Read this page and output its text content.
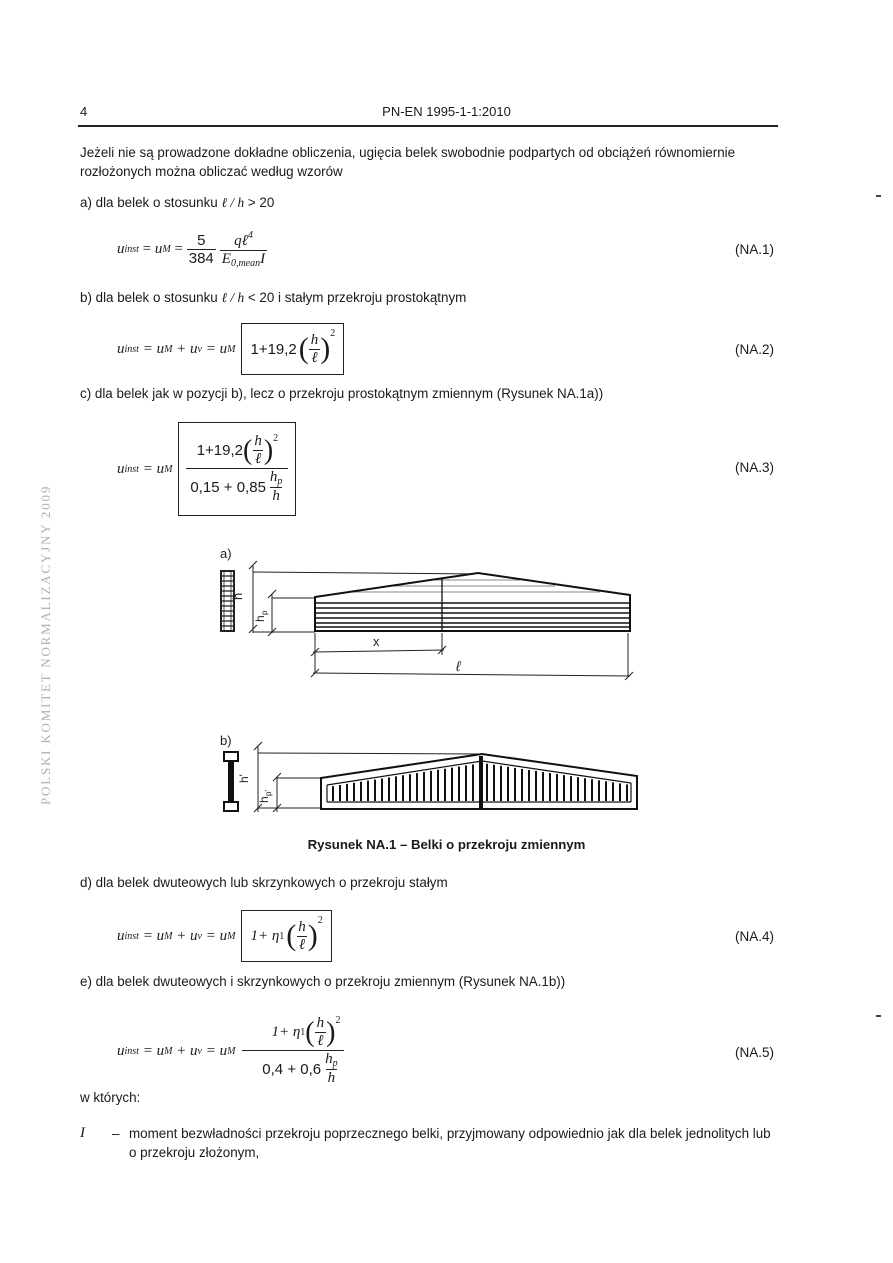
4	PN-EN 1995-1-1:2010
POLSKI KOMITET NORMALIZACYJNY 2009
Jeżeli nie są prowadzone dokładne obliczenia, ugięcia belek swobodnie podpartych od obciążeń równomiernie rozłożonych można obliczać według wzorów
a) dla belek o stosunku ℓ / h > 20
u inst = u $M = \frac{5}{384} \frac{q\ell^4}{E_{0,mean}I}$	(NA.1)
b) dla belek o stosunku ℓ / h < 20 i stałym przekroju prostokątnym
u inst = u M + u v = u M 1+19,2 ( $\frac{h}{\text{ℓ}} )^2$
(NA.2)
c) dla belek jak w pozycji b), lecz o przekroju prostokątnym zmiennym (Rysunek NA.1a))
u inst = u M
1+19,2 ( $\frac{h}{\text{ℓ}} )^2$
$0,15 + 0,85 \frac{h_p}{h}$
(NA.3)
a)
h
h
p
x
ℓ
b)
h'
h
p'
Rysunek NA.1 – Belki o przekroju zmiennym
d) dla belek dwuteowych lub skrzynkowych o przekroju stałym
u inst = u M + u v = u M 1+ η 1 ( $\frac{h}{\text{ℓ}} )^2$
(NA.4)
e) dla belek dwuteowych i skrzynkowych o przekroju zmiennym (Rysunek NA.1b))
u inst = u M + u v = u M $\frac{1+ \eta 1 ( \frac{h}{\text{ℓ}} )^2}{0,4 + 0,6 \frac{h_p}{h}}$	(NA.5)
w których:
I	– moment bezwładności przekroju poprzecznego belki, przyjmowany odpowiednio jak dla belek jednolitych lub o przekroju złożonym,
